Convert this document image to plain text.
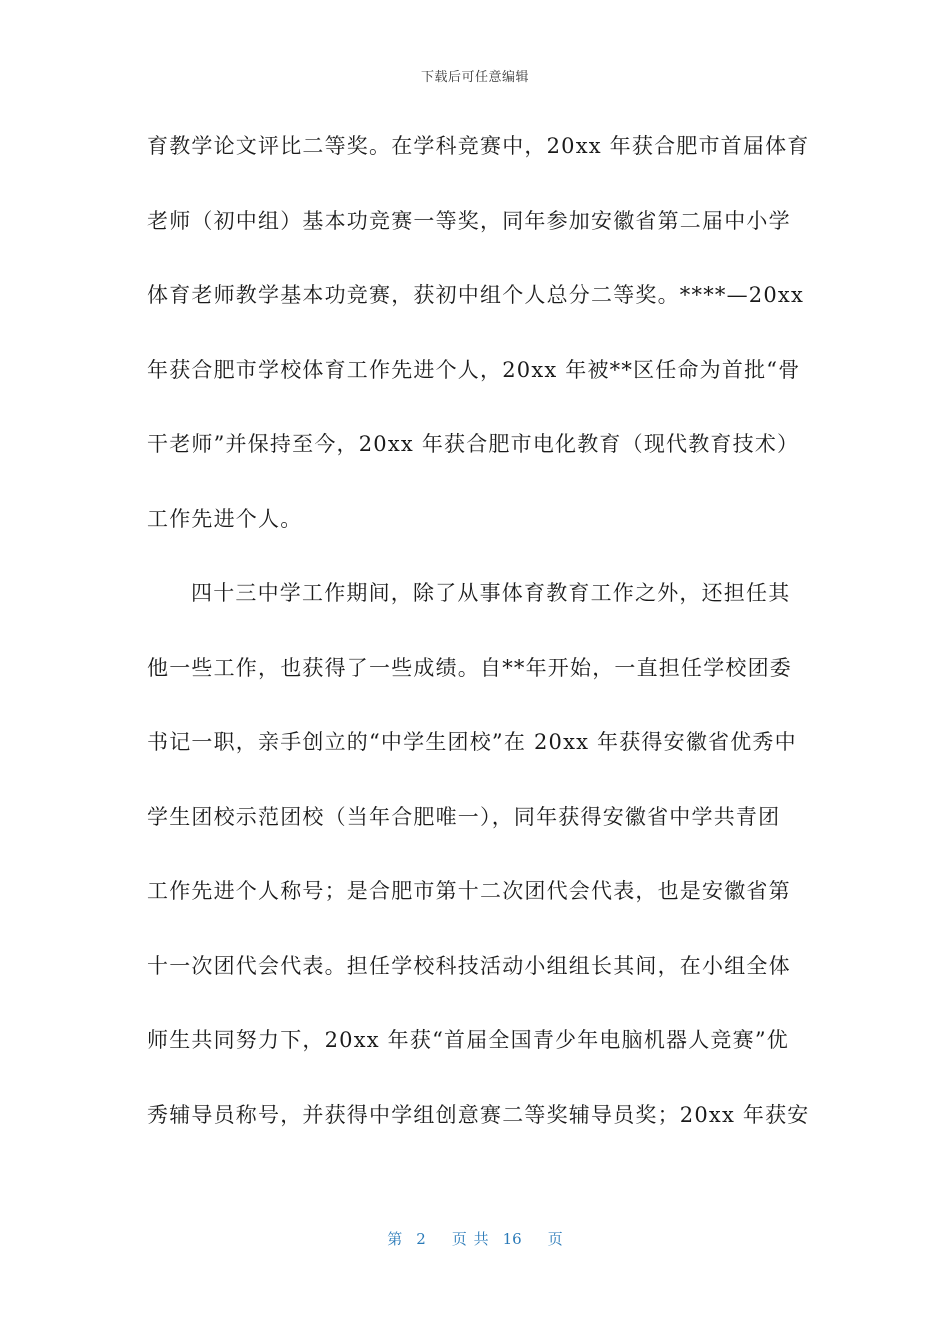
下载后可任意编辑
育教学论文评比二等奖。在学科竞赛中，20xx 年获合肥市首届体育
老师（初中组）基本功竞赛一等奖，同年参加安徽省第二届中小学
体育老师教学基本功竞赛，获初中组个人总分二等奖。****—20xx
年获合肥市学校体育工作先进个人，20xx 年被**区任命为首批“骨
干老师”并保持至今，20xx 年获合肥市电化教育（现代教育技术）
工作先进个人。
四十三中学工作期间，除了从事体育教育工作之外，还担任其
他一些工作，也获得了一些成绩。自**年开始，一直担任学校团委
书记一职，亲手创立的“中学生团校”在 20xx 年获得安徽省优秀中
学生团校示范团校（当年合肥唯一），同年获得安徽省中学共青团
工作先进个人称号；是合肥市第十二次团代会代表，也是安徽省第
十一次团代会代表。担任学校科技活动小组组长其间，在小组全体
师生共同努力下，20xx 年获“首届全国青少年电脑机器人竞赛”优
秀辅导员称号，并获得中学组创意赛二等奖辅导员奖；20xx 年获安
第 2 页 共 16 页
